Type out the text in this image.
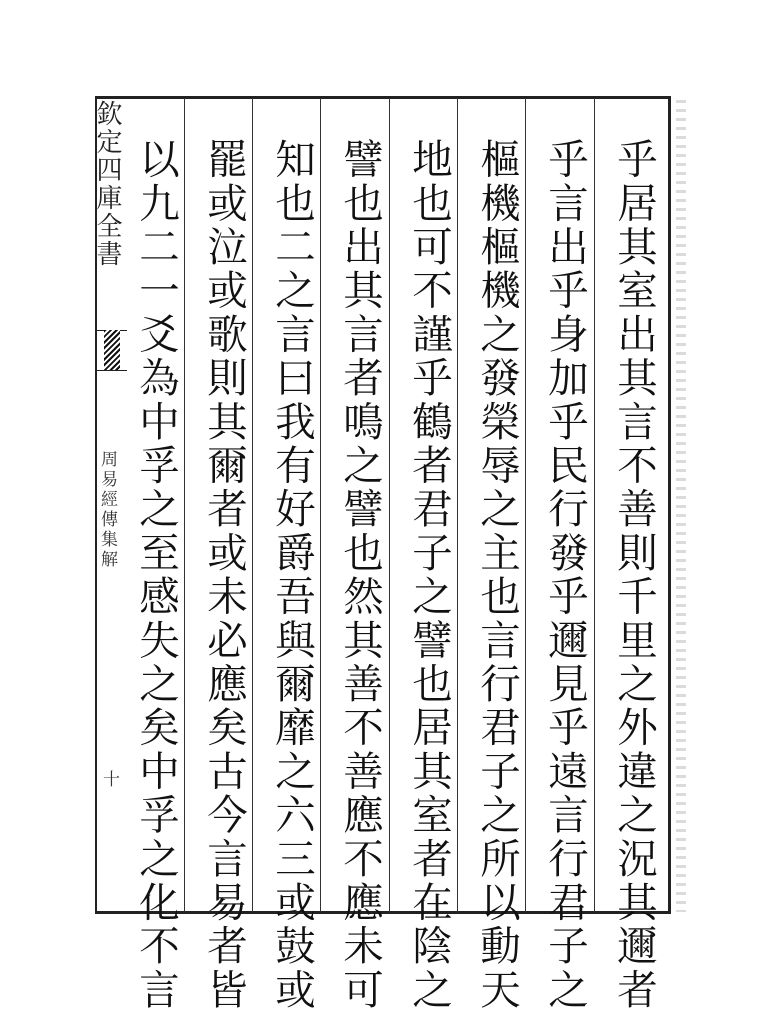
欽定四庫全書
周易經傳集解
十	乎居其室出其言不善則千里之外違之況其邇者
乎言出乎身加乎民行發乎邇見乎遠言行君子之
樞機樞機之發榮辱之主也言行君子之所以動天
地也可不謹乎鶴者君子之譬也居其室者在陰之
譬也出其言者鳴之譬也然其善不善應不應未可
知也二之言曰我有好爵吾與爾靡之六三或鼓或
罷或泣或歌則其爾者或未必應矣古今言易者皆
以九二一爻為中孚之至感失之矣中孚之化不言
